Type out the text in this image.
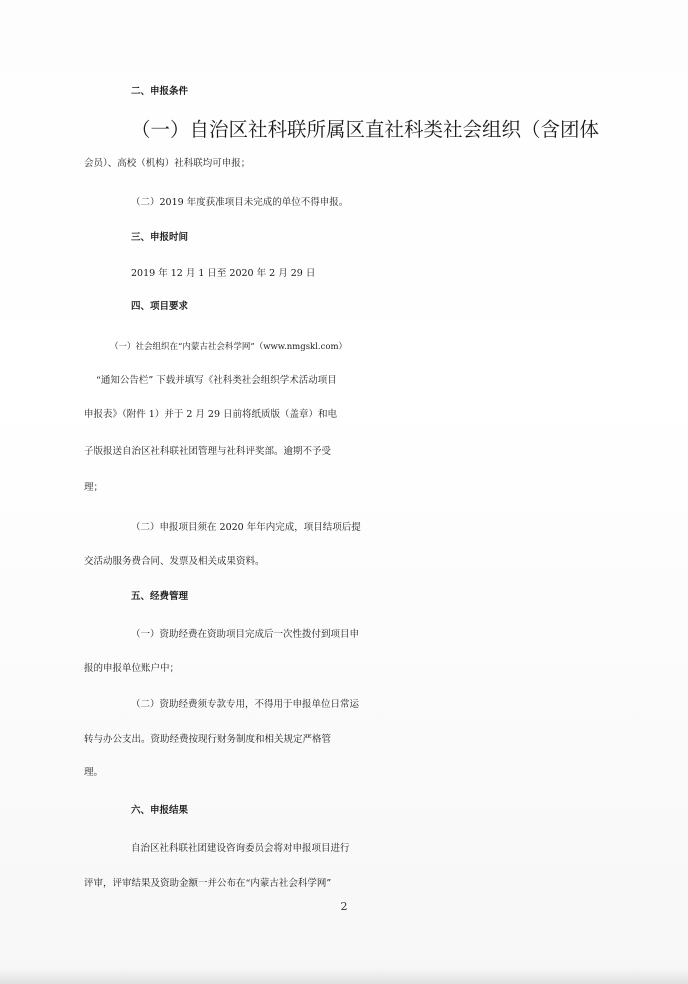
二、申报条件
（一）自治区社科联所属区直社科类社会组织（含团体
会员）、高校（机构）社科联均可申报；
（二）2019 年度获准项目未完成的单位不得申报。
三、申报时间
2019 年 12 月 1 日至 2020 年 2 月 29 日
四、项目要求
（一）社会组织在“内蒙古社会科学网”（www.nmgskl.com）
“通知公告栏” 下载并填写《社科类社会组织学术活动项目
申报表》（附件 1）并于 2 月 29 日前将纸质版（盖章）和电
子版报送自治区社科联社团管理与社科评奖部。逾期不予受
理；
（二）申报项目须在 2020 年年内完成，项目结项后提
交活动服务费合同、发票及相关成果资料。
五、经费管理
（一）资助经费在资助项目完成后一次性拨付到项目申
报的申报单位账户中；
（二）资助经费须专款专用，不得用于申报单位日常运
转与办公支出。资助经费按现行财务制度和相关规定严格管
理。
六、申报结果
自治区社科联社团建设咨询委员会将对申报项目进行
评审，评审结果及资助金额一并公布在“内蒙古社会科学网”
2
